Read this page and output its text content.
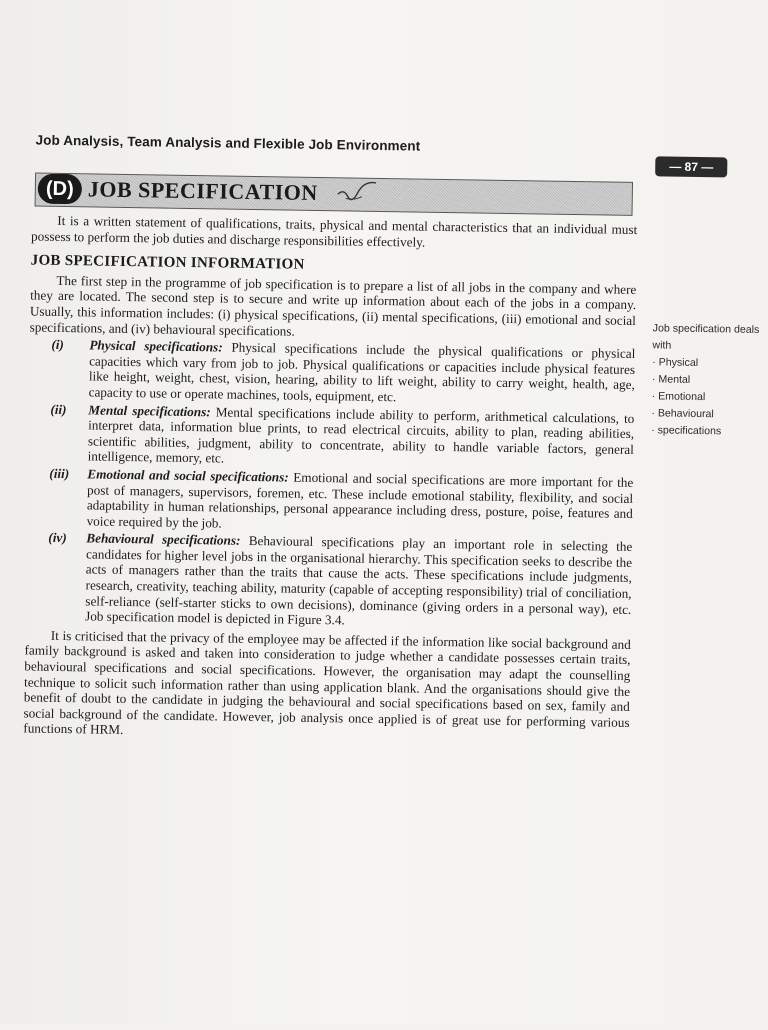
Job Analysis, Team Analysis and Flexible Job Environment
— 87 —
(D) JOB SPECIFICATION

It is a written statement of qualifications, traits, physical and mental characteristics that an individual must possess to perform the job duties and discharge responsibilities effectively.

JOB SPECIFICATION INFORMATION

The first step in the programme of job specification is to prepare a list of all jobs in the company and where they are located. The second step is to secure and write up information about each of the jobs in a company. Usually, this information includes: (i) physical specifications, (ii) mental specifications, (iii) emotional and social specifications, and (iv) behavioural specifications.

(i) Physical specifications: Physical specifications include the physical qualifications or physical capacities which vary from job to job. Physical qualifications or capacities include physical features like height, weight, chest, vision, hearing, ability to lift weight, ability to carry weight, health, age, capacity to use or operate machines, tools, equipment, etc.
(ii) Mental specifications: Mental specifications include ability to perform, arithmetical calculations, to interpret data, information blue prints, to read electrical circuits, ability to plan, reading abilities, scientific abilities, judgment, ability to concentrate, ability to handle variable factors, general intelligence, memory, etc.
(iii) Emotional and social specifications: Emotional and social specifications are more important for the post of managers, supervisors, foremen, etc. These include emotional stability, flexibility, and social adaptability in human relationships, personal appearance including dress, posture, poise, features and voice required by the job.
(iv) Behavioural specifications: Behavioural specifications play an important role in selecting the candidates for higher level jobs in the organisational hierarchy. This specification seeks to describe the acts of managers rather than the traits that cause the acts. These specifications include judgments, research, creativity, teaching ability, maturity (capable of accepting responsibility) trial of conciliation, self-reliance (self-starter sticks to own decisions), dominance (giving orders in a personal way), etc. Job specification model is depicted in Figure 3.4.

It is criticised that the privacy of the employee may be affected if the information like social background and family background is asked and taken into consideration to judge whether a candidate possesses certain traits, behavioural specifications and social specifications. However, the organisation may adapt the counselling technique to solicit such information rather than using application blank. And the organisations should give the benefit of doubt to the candidate in judging the behavioural and social specifications based on sex, family and social background of the candidate. However, job analysis once applied is of great use for performing various functions of HRM.

Job specification deals with
· Physical
· Mental
· Emotional
· Behavioural
· specifications
